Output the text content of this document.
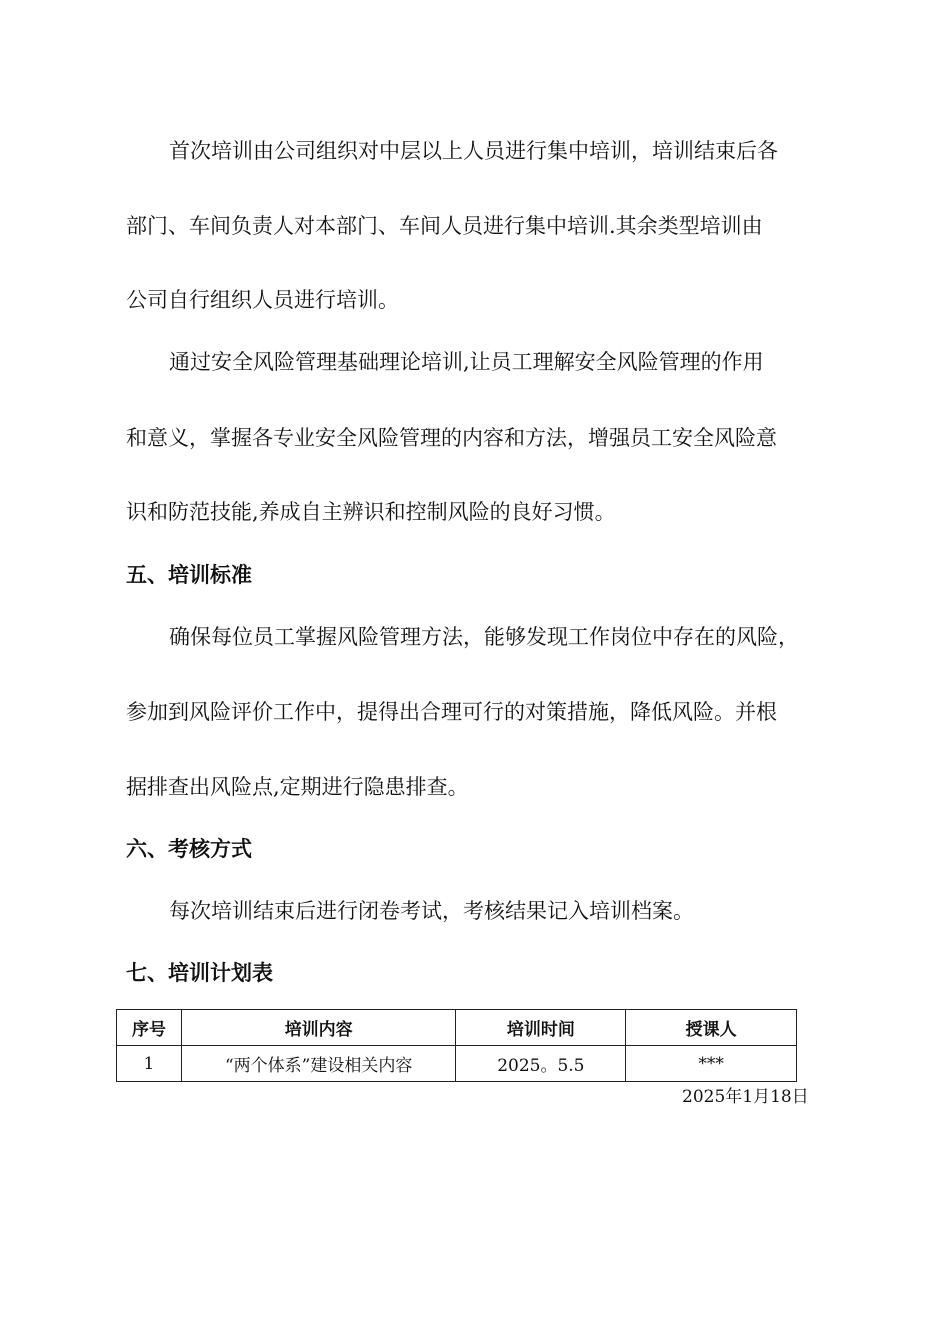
首次培训由公司组织对中层以上人员进行集中培训，培训结束后各
部门、车间负责人对本部门、车间人员进行集中培训.其余类型培训由
公司自行组织人员进行培训。
通过安全风险管理基础理论培训,让员工理解安全风险管理的作用
和意义，掌握各专业安全风险管理的内容和方法，增强员工安全风险意
识和防范技能,养成自主辨识和控制风险的良好习惯。
五、培训标准
确保每位员工掌握风险管理方法，能够发现工作岗位中存在的风险，
参加到风险评价工作中，提得出合理可行的对策措施，降低风险。并根
据排查出风险点,定期进行隐患排查。
六、考核方式
每次培训结束后进行闭卷考试，考核结果记入培训档案。
七、培训计划表
序号	培训内容	培训时间	授课人
1	“两个体系”建设相关内容	2025。5.5	***
2025年1月18日
